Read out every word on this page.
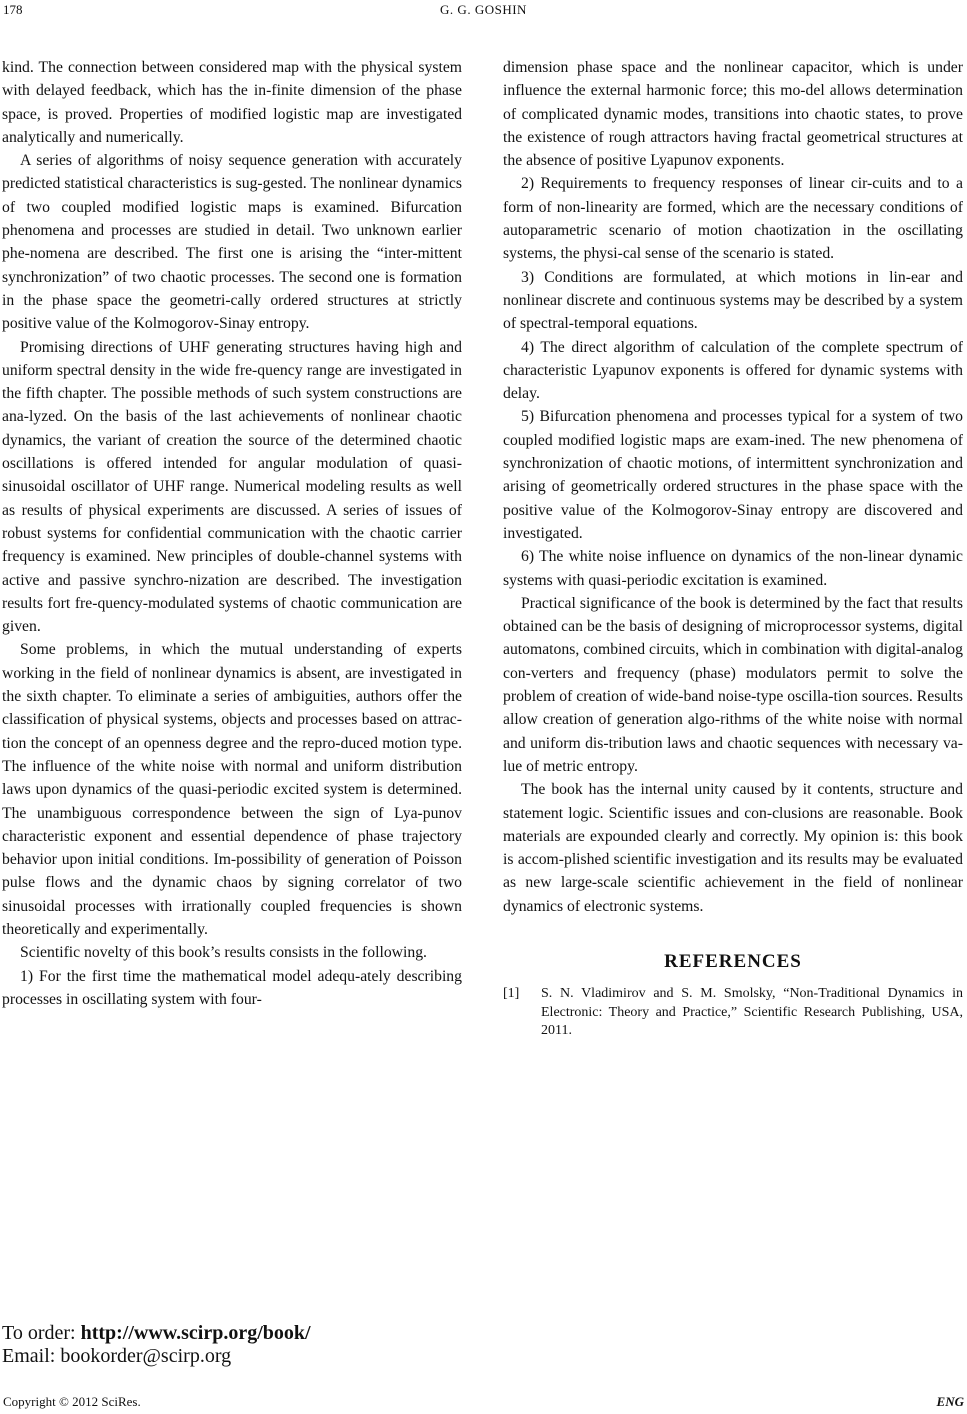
178	G. G. GOSHIN

kind. The connection between considered map with the physical system with delayed feedback, which has the in-finite dimension of the phase space, is proved. Properties of modified logistic map are investigated analytically and numerically.

A series of algorithms of noisy sequence generation with accurately predicted statistical characteristics is sug-gested. The nonlinear dynamics of two coupled modified logistic maps is examined. Bifurcation phenomena and processes are studied in detail. Two unknown earlier phe-nomena are described. The first one is arising the “inter-mittent synchronization” of two chaotic processes. The second one is formation in the phase space the geometri-cally ordered structures at strictly positive value of the Kolmogorov-Sinay entropy.

Promising directions of UHF generating structures having high and uniform spectral density in the wide fre-quency range are investigated in the fifth chapter. The possible methods of such system constructions are ana-lyzed. On the basis of the last achievements of nonlinear chaotic dynamics, the variant of creation the source of the determined chaotic oscillations is offered intended for angular modulation of quasi-sinusoidal oscillator of UHF range. Numerical modeling results as well as results of physical experiments are discussed. A series of issues of robust systems for confidential communication with the chaotic carrier frequency is examined. New principles of double-channel systems with active and passive synchro-nization are described. The investigation results fort fre-quency-modulated systems of chaotic communication are given.

Some problems, in which the mutual understanding of experts working in the field of nonlinear dynamics is absent, are investigated in the sixth chapter. To eliminate a series of ambiguities, authors offer the classification of physical systems, objects and processes based on attrac-tion the concept of an openness degree and the repro-duced motion type. The influence of the white noise with normal and uniform distribution laws upon dynamics of the quasi-periodic excited system is determined. The unambiguous correspondence between the sign of Lya-punov characteristic exponent and essential dependence of phase trajectory behavior upon initial conditions. Im-possibility of generation of Poisson pulse flows and the dynamic chaos by signing correlator of two sinusoidal processes with irrationally coupled frequencies is shown theoretically and experimentally.

Scientific novelty of this book’s results consists in the following.

1) For the first time the mathematical model adequ-ately describing processes in oscillating system with four-

dimension phase space and the nonlinear capacitor, which is under influence the external harmonic force; this mo-del allows determination of complicated dynamic modes, transitions into chaotic states, to prove the existence of rough attractors having fractal geometrical structures at the absence of positive Lyapunov exponents.

2) Requirements to frequency responses of linear cir-cuits and to a form of non-linearity are formed, which are the necessary conditions of autoparametric scenario of motion chaotization in the oscillating systems, the physi-cal sense of the scenario is stated.

3) Conditions are formulated, at which motions in lin-ear and nonlinear discrete and continuous systems may be described by a system of spectral-temporal equations.

4) The direct algorithm of calculation of the complete spectrum of characteristic Lyapunov exponents is offered for dynamic systems with delay.

5) Bifurcation phenomena and processes typical for a system of two coupled modified logistic maps are exam-ined. The new phenomena of synchronization of chaotic motions, of intermittent synchronization and arising of geometrically ordered structures in the phase space with the positive value of the Kolmogorov-Sinay entropy are discovered and investigated.

6) The white noise influence on dynamics of the non-linear dynamic systems with quasi-periodic excitation is examined.

Practical significance of the book is determined by the fact that results obtained can be the basis of designing of microprocessor systems, digital automatons, combined circuits, which in combination with digital-analog con-verters and frequency (phase) modulators permit to solve the problem of creation of wide-band noise-type oscilla-tion sources. Results allow creation of generation algo-rithms of the white noise with normal and uniform dis-tribution laws and chaotic sequences with necessary va-lue of metric entropy.

The book has the internal unity caused by it contents, structure and statement logic. Scientific issues and con-clusions are reasonable. Book materials are expounded clearly and correctly. My opinion is: this book is accom-plished scientific investigation and its results may be evaluated as new large-scale scientific achievement in the field of nonlinear dynamics of electronic systems.

REFERENCES
[1]	S. N. Vladimirov and S. M. Smolsky, “Non-Traditional Dynamics in Electronic: Theory and Practice,” Scientific Research Publishing, USA, 2011.
To order: http://www.scirp.org/book/
Email: bookorder@scirp.org
Copyright © 2012 SciRes.	ENG
